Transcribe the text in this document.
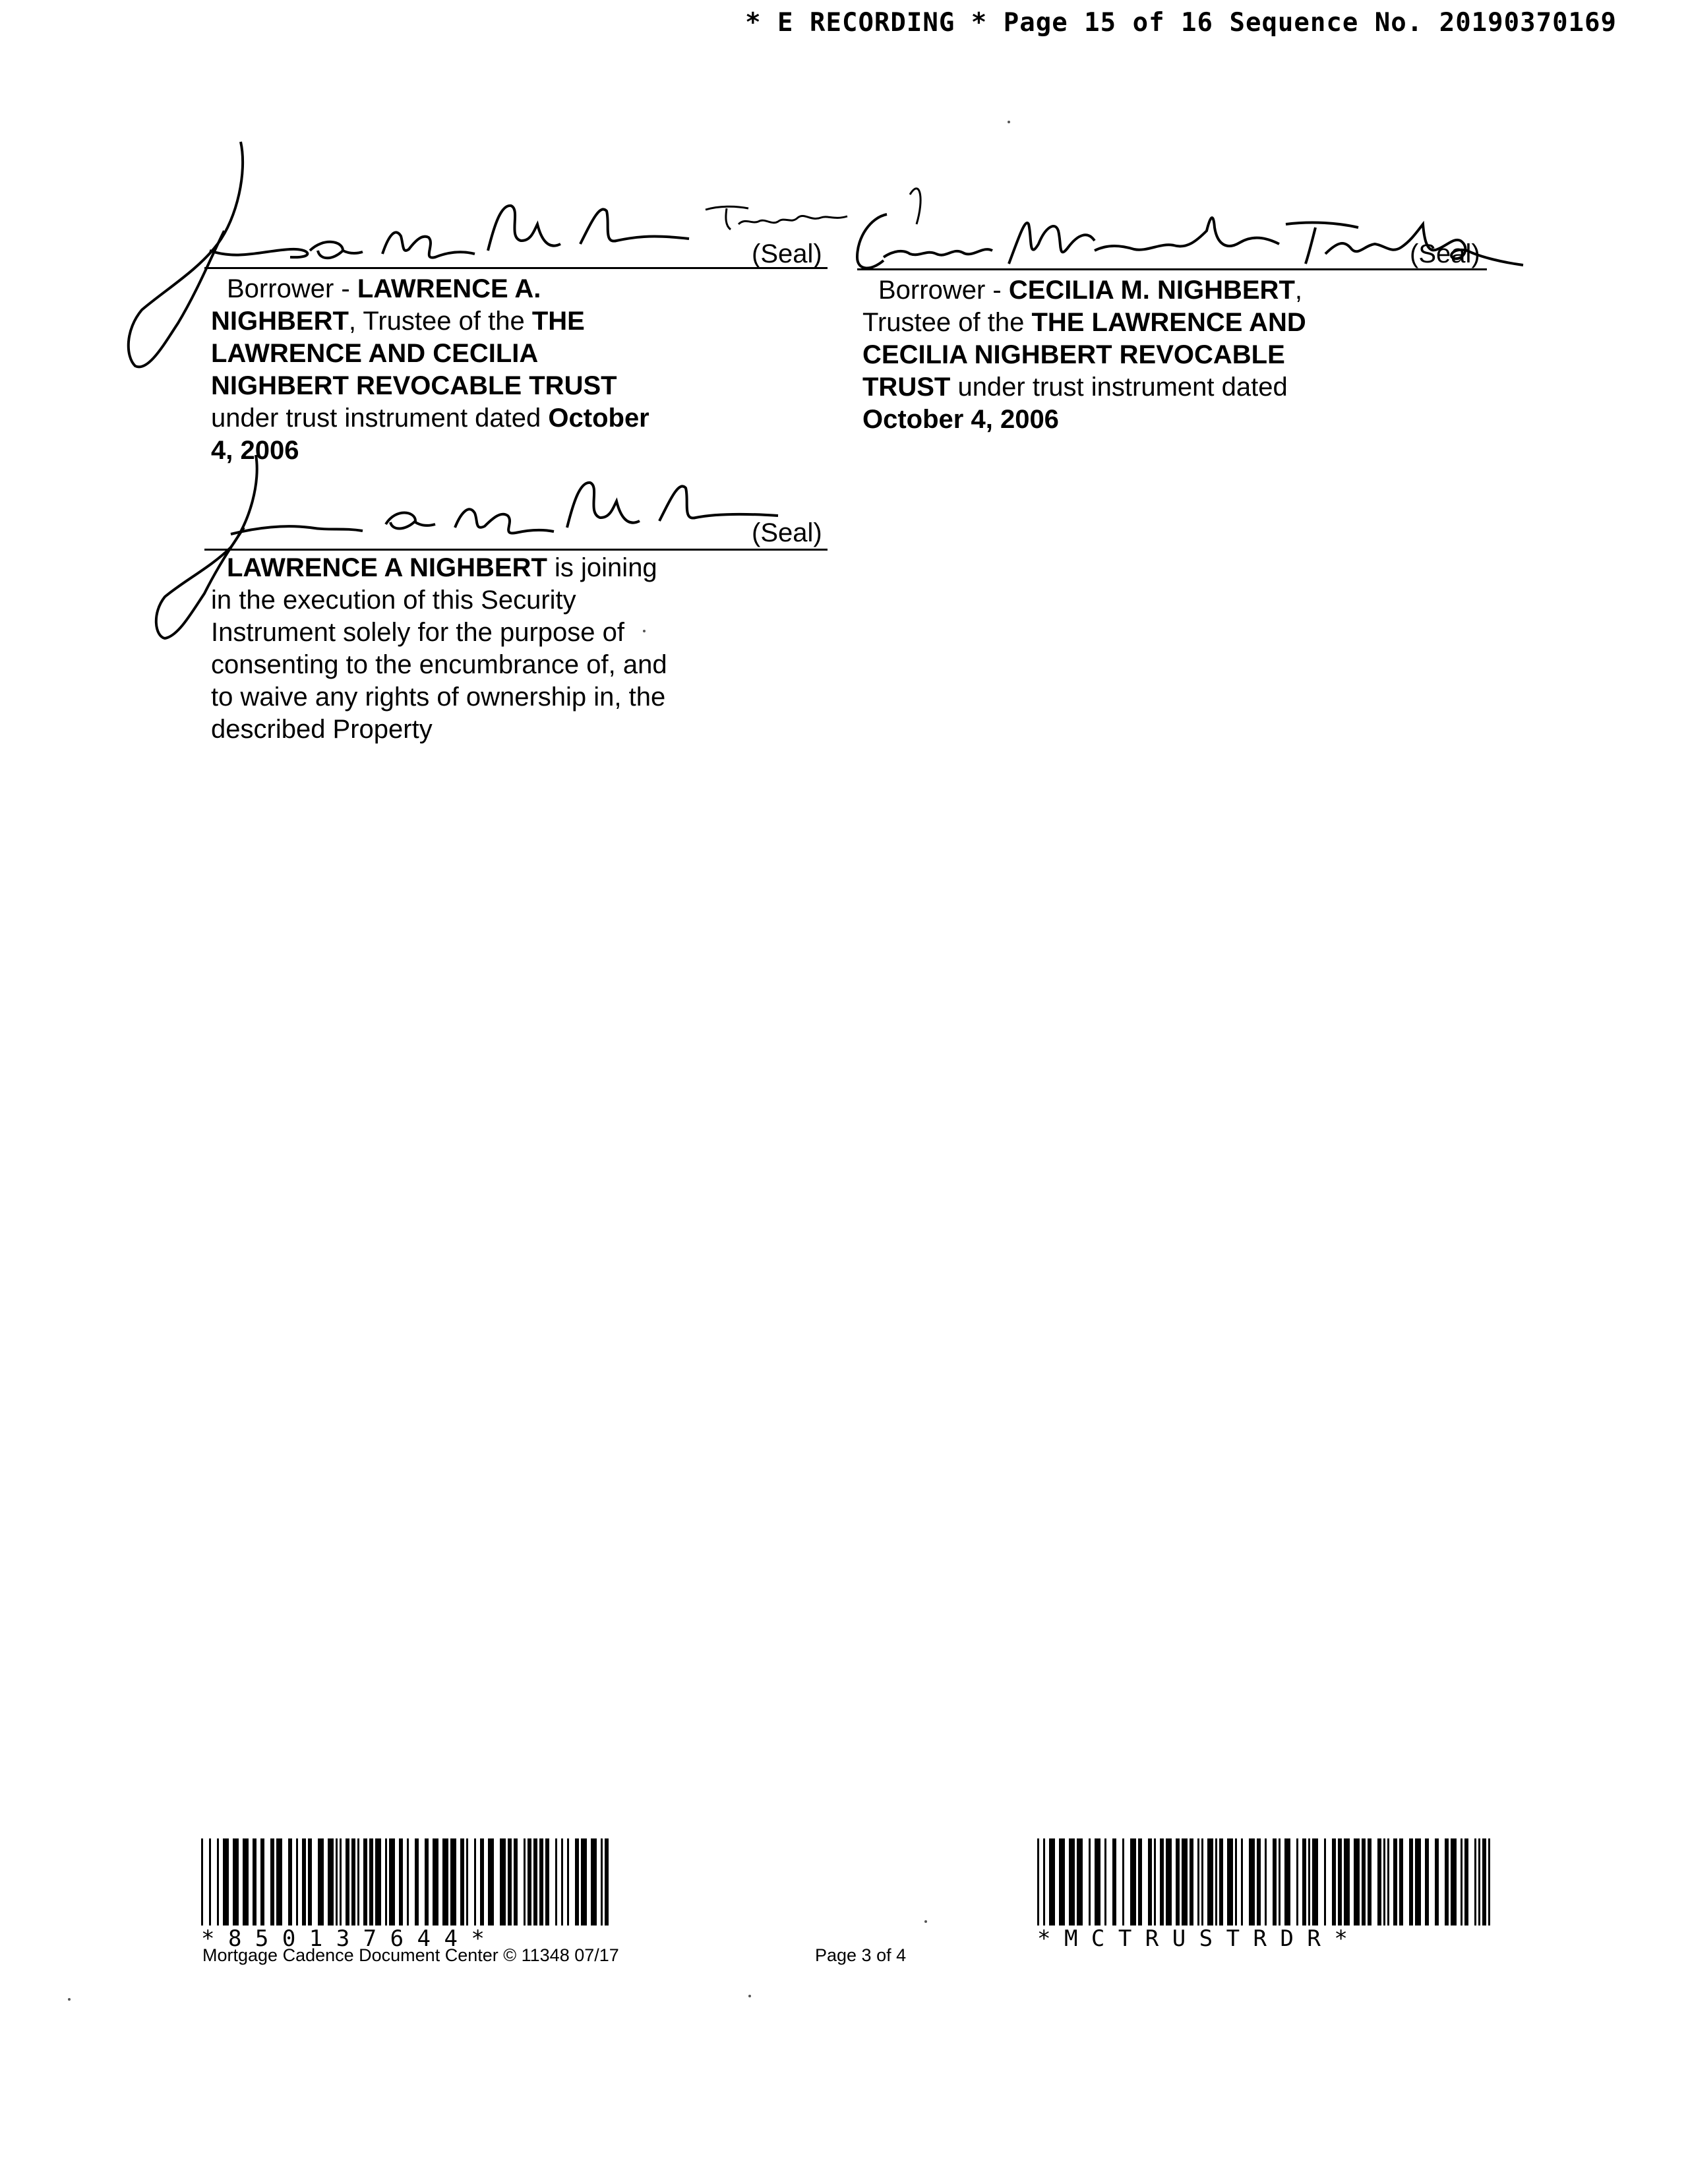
* E RECORDING * Page 15 of 16 Sequence No. 20190370169
(Seal)
Borrower - LAWRENCE A. NIGHBERT, Trustee of the THE LAWRENCE AND CECILIA NIGHBERT REVOCABLE TRUST under trust instrument dated October 4, 2006
(Seal)
Borrower - CECILIA M. NIGHBERT, Trustee of the THE LAWRENCE AND CECILIA NIGHBERT REVOCABLE TRUST under trust instrument dated October 4, 2006
(Seal)
LAWRENCE A NIGHBERT is joining in the execution of this Security Instrument solely for the purpose of consenting to the encumbrance of, and to waive any rights of ownership in, the described Property
* 8 5 0 1 3 7 6 4 4 *	* M C T R U S T R D R *
Mortgage Cadence Document Center © 11348 07/17	Page 3 of 4
